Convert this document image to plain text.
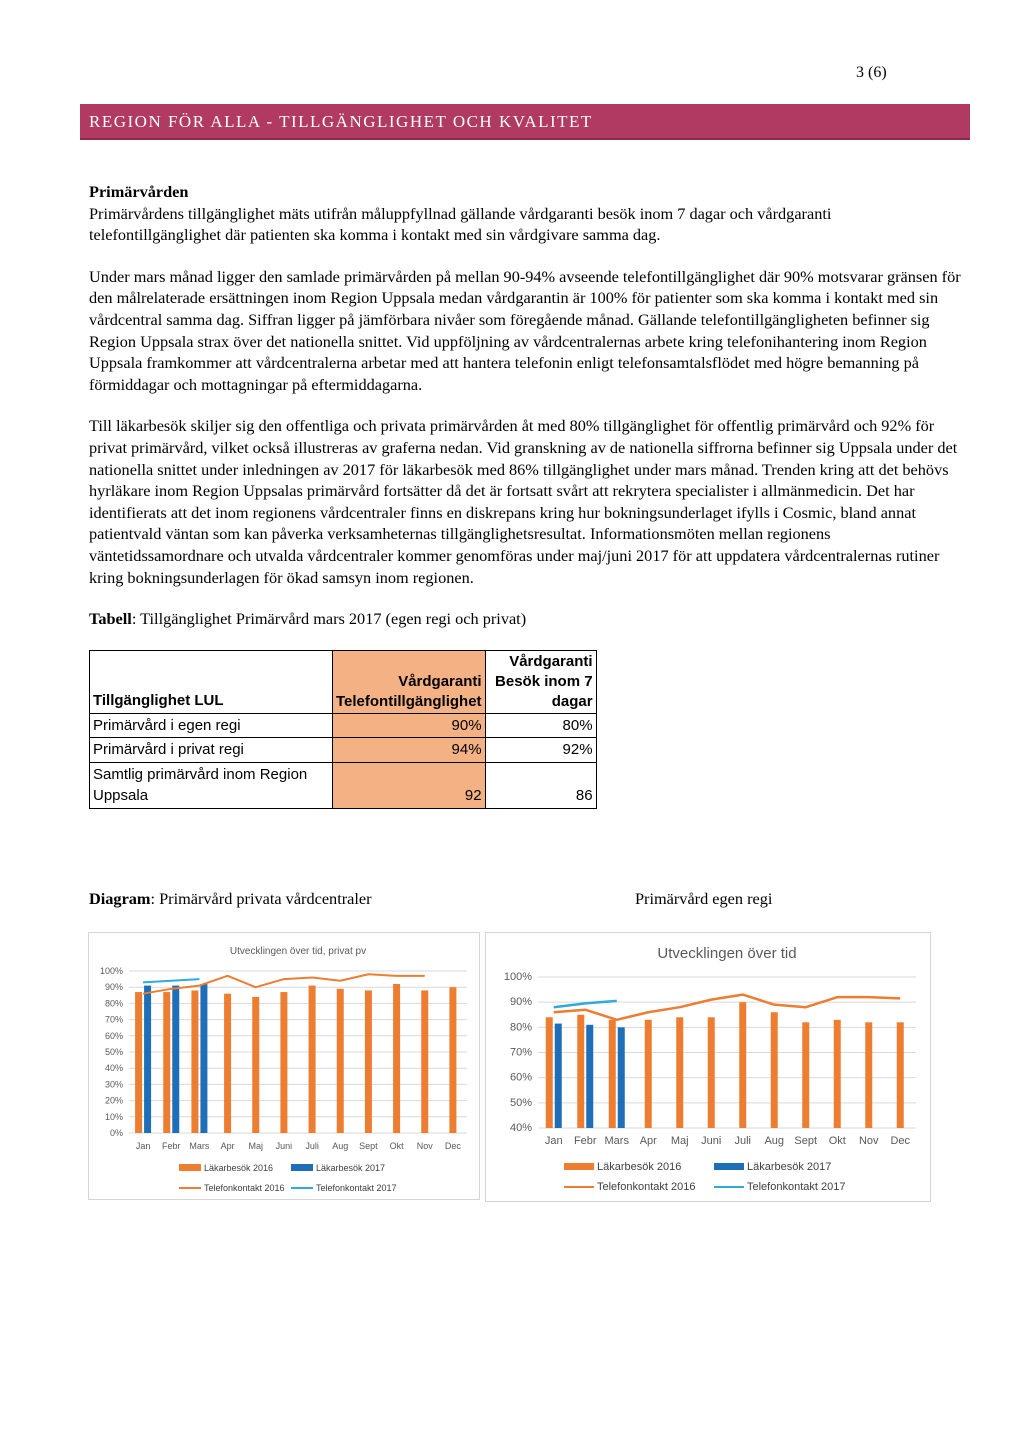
3 (6)
REGION FÖR ALLA - TILLGÄNGLIGHET OCH KVALITET
Primärvården

Primärvårdens tillgänglighet mäts utifrån måluppfyllnad gällande vårdgaranti besök inom 7 dagar och vårdgaranti telefontillgänglighet där patienten ska komma i kontakt med sin vårdgivare samma dag.

Under mars månad ligger den samlade primärvården på mellan 90-94% avseende telefontillgänglighet där 90% motsvarar gränsen för den målrelaterade ersättningen inom Region Uppsala medan vårdgarantin är 100% för patienter som ska komma i kontakt med sin vårdcentral samma dag. Siffran ligger på jämförbara nivåer som föregående månad. Gällande telefontillgängligheten befinner sig Region Uppsala strax över det nationella snittet. Vid uppföljning av vårdcentralernas arbete kring telefonihantering inom Region Uppsala framkommer att vårdcentralerna arbetar med att hantera telefonin enligt telefonsamtalsflödet med högre bemanning på förmiddagar och mottagningar på eftermiddagarna.

Till läkarbesök skiljer sig den offentliga och privata primärvården åt med 80% tillgänglighet för offentlig primärvård och 92% för privat primärvård, vilket också illustreras av graferna nedan. Vid granskning av de nationella siffrorna befinner sig Uppsala under det nationella snittet under inledningen av 2017 för läkarbesök med 86% tillgänglighet under mars månad. Trenden kring att det behövs hyrläkare inom Region Uppsalas primärvård fortsätter då det är fortsatt svårt att rekrytera specialister i allmänmedicin. Det har identifierats att det inom regionens vårdcentraler finns en diskrepans kring hur bokningsunderlaget ifylls i Cosmic, bland annat patientvald väntan som kan påverka verksamheternas tillgänglighetsresultat. Informationsmöten mellan regionens väntetidssamordnare och utvalda vårdcentraler kommer genomföras under maj/juni 2017 för att uppdatera vårdcentralernas rutiner kring bokningsunderlagen för ökad samsyn inom regionen.

Tabell: Tillgänglighet Primärvård mars 2017 (egen regi och privat)

Tillgänglighet LUL	Vårdgaranti Telefontillgänglighet	Vårdgaranti Besök inom 7 dagar
Primärvård i egen regi	90%	80%
Primärvård i privat regi	94%	92%
Samtlig primärvård inom Region Uppsala	92	86
Diagram: Primärvård privata vårdcentraler	Primärvård egen regi
Utvecklingen över tid, privat pv
0%
10%
20%
30%
40%
50%
60%
70%
80%
90%
100%
Jan Febr Mars Apr Maj Juni Juli Aug Sept Okt Nov Dec
Läkarbesök 2016	Läkarbesök 2017
Telefonkontakt 2016	Telefonkontakt 2017
Utvecklingen över tid
40%
50%
60%
70%
80%
90%
100%
Jan Febr Mars Apr Maj Juni Juli Aug Sept Okt Nov Dec
Läkarbesök 2016	Läkarbesök 2017
Telefonkontakt 2016	Telefonkontakt 2017
